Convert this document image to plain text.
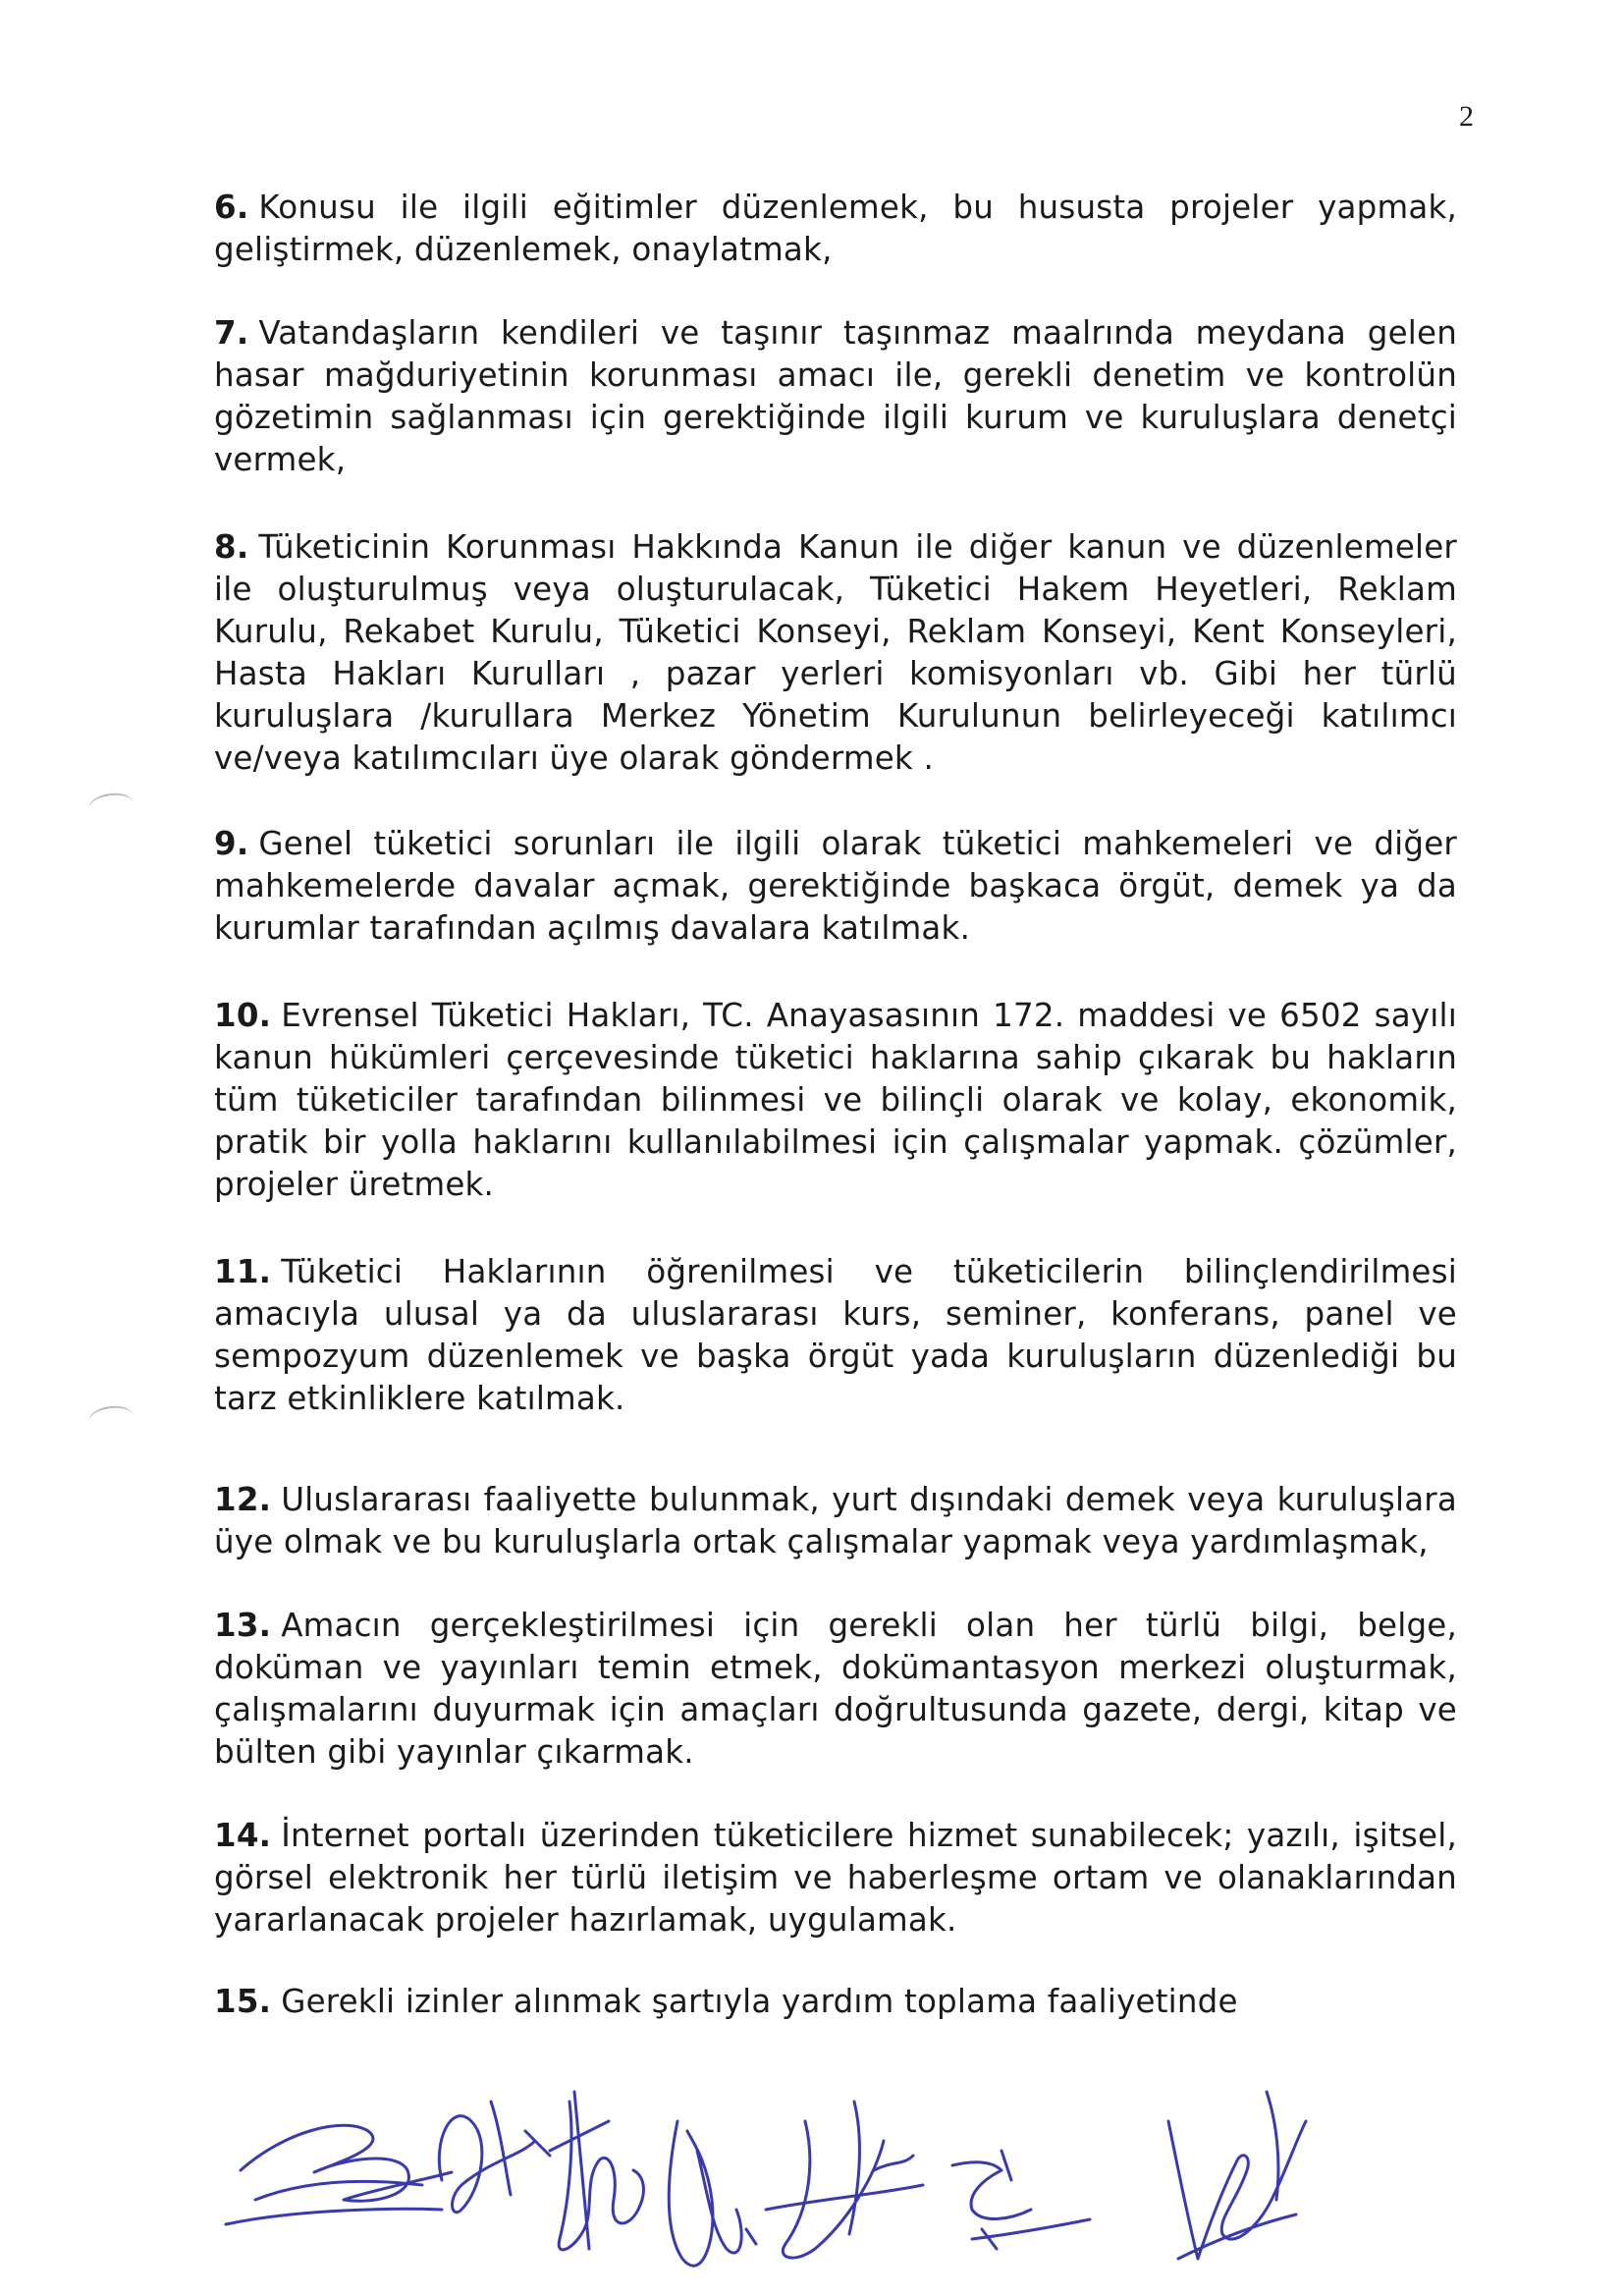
2

6. Konusu ile ilgili eğitimler düzenlemek, bu hususta projeler yapmak, geliştirmek, düzenlemek, onaylatmak,

7. Vatandaşların kendileri ve taşınır taşınmaz maalrında meydana gelen hasar mağduriyetinin korunması amacı ile, gerekli denetim ve kontrolün gözetimin sağlanması için gerektiğinde ilgili kurum ve kuruluşlara denetçi vermek,

8. Tüketicinin Korunması Hakkında Kanun ile diğer kanun ve düzenlemeler ile oluşturulmuş veya oluşturulacak, Tüketici Hakem Heyetleri, Reklam Kurulu, Rekabet Kurulu, Tüketici Konseyi, Reklam Konseyi, Kent Konseyleri, Hasta Hakları Kurulları , pazar yerleri komisyonları vb. Gibi her türlü kuruluşlara /kurullara Merkez Yönetim Kurulunun belirleyeceği katılımcı ve/veya katılımcıları üye olarak göndermek .

9. Genel tüketici sorunları ile ilgili olarak tüketici mahkemeleri ve diğer mahkemelerde davalar açmak, gerektiğinde başkaca örgüt, demek ya da kurumlar tarafından açılmış davalara katılmak.

10. Evrensel Tüketici Hakları, TC. Anayasasının 172. maddesi ve 6502 sayılı kanun hükümleri çerçevesinde tüketici haklarına sahip çıkarak bu hakların tüm tüketiciler tarafından bilinmesi ve bilinçli olarak ve kolay, ekonomik, pratik bir yolla haklarını kullanılabilmesi için çalışmalar yapmak. çözümler, projeler üretmek.

11. Tüketici Haklarının öğrenilmesi ve tüketicilerin bilinçlendirilmesi amacıyla ulusal ya da uluslararası kurs, seminer, konferans, panel ve sempozyum düzenlemek ve başka örgüt yada kuruluşların düzenlediği bu tarz etkinliklere katılmak.

12. Uluslararası faaliyette bulunmak, yurt dışındaki demek veya kuruluşlara üye olmak ve bu kuruluşlarla ortak çalışmalar yapmak veya yardımlaşmak,

13. Amacın gerçekleştirilmesi için gerekli olan her türlü bilgi, belge, doküman ve yayınları temin etmek, dokümantasyon merkezi oluşturmak, çalışmalarını duyurmak için amaçları doğrultusunda gazete, dergi, kitap ve bülten gibi yayınlar çıkarmak.

14. İnternet portalı üzerinden tüketicilere hizmet sunabilecek; yazılı, işitsel, görsel elektronik her türlü iletişim ve haberleşme ortam ve olanaklarından yararlanacak projeler hazırlamak, uygulamak.

15. Gerekli izinler alınmak şartıyla yardım toplama faaliyetinde
